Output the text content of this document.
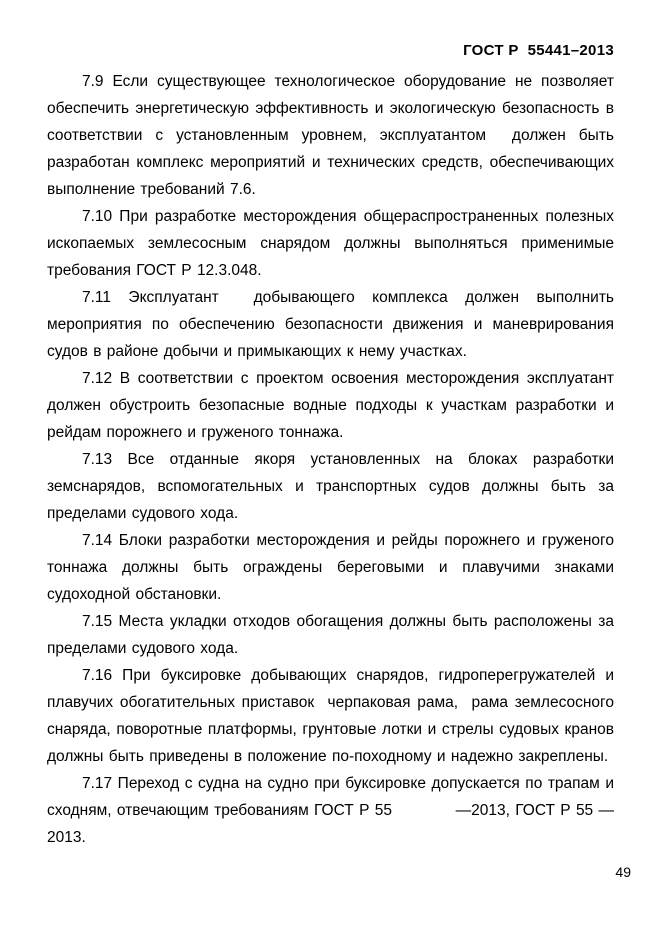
ГОСТ Р  55441–2013

7.9 Если существующее технологическое оборудование не позволяет обеспечить энергетическую эффективность и экологическую безопасность в соответствии с установленным уровнем, эксплуатантом  должен быть разработан комплекс мероприятий и технических средств, обеспечивающих выполнение требований 7.6.

7.10 При разработке месторождения общераспространенных полезных ископаемых землесосным снарядом должны выполняться применимые требования ГОСТ Р 12.3.048.

7.11 Эксплуатант  добывающего комплекса должен выполнить мероприятия по обеспечению безопасности движения и маневрирования судов в районе добычи и примыкающих к нему участках.

7.12 В соответствии с проектом освоения месторождения эксплуатант должен обустроить безопасные водные подходы к участкам разработки и рейдам порожнего и груженого тоннажа.

7.13 Все отданные якоря установленных на блоках разработки земснарядов, вспомогательных и транспортных судов должны быть за пределами судового хода.

7.14 Блоки разработки месторождения и рейды порожнего и груженого тоннажа должны быть ограждены береговыми и плавучими знаками судоходной обстановки.

7.15 Места укладки отходов обогащения должны быть расположены за пределами судового хода.

7.16 При буксировке добывающих снарядов, гидроперегружателей и плавучих обогатительных приставок  черпаковая рама,  рама землесосного снаряда, поворотные платформы, грунтовые лотки и стрелы судовых кранов должны быть приведены в положение по-походному и надежно закреплены.

7.17 Переход с судна на судно при буксировке допускается по трапам и сходням, отвечающим требованиям ГОСТ Р 55            —2013, ГОСТ Р 55 —2013.

49
